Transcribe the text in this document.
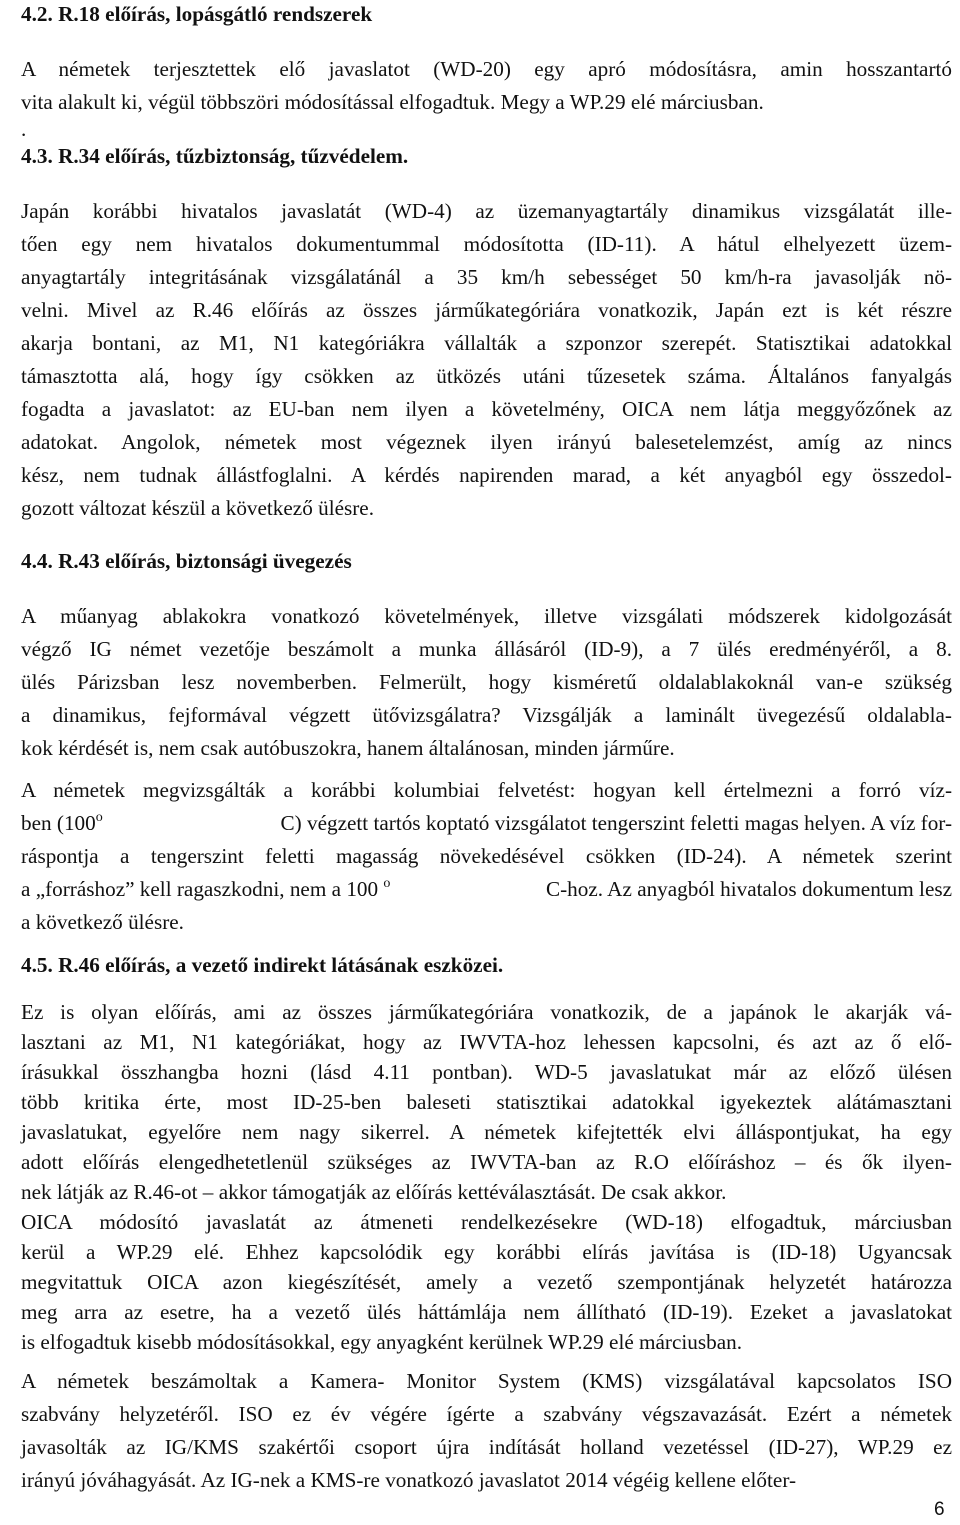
4.2. R.18 előírás, lopásgátló rendszerek
A németek terjesztettek elő javaslatot (WD-20) egy apró módosításra, amin hosszantartó
vita alakult ki, végül többszöri módosítással elfogadtuk. Megy a WP.29 elé márciusban.
.
4.3. R.34 előírás, tűzbiztonság, tűzvédelem.
Japán korábbi hivatalos javaslatát (WD-4) az üzemanyagtartály dinamikus vizsgálatát ille-
tően egy nem hivatalos dokumentummal módosította (ID-11). A hátul elhelyezett üzem-
anyagtartály integritásának vizsgálatánál a 35 km/h sebességet 50 km/h-ra javasolják nö-
velni. Mivel az R.46 előírás az összes járműkategóriára vonatkozik, Japán ezt is két részre
akarja bontani, az M1, N1 kategóriákra vállalták a szponzor szerepét. Statisztikai adatokkal
támasztotta alá, hogy így csökken az ütközés utáni tűzesetek száma. Általános fanyalgás
fogadta a javaslatot: az EU-ban nem ilyen a követelmény, OICA nem látja meggyőzőnek az
adatokat. Angolok, németek most végeznek ilyen irányú balesetelemzést, amíg az nincs
kész, nem tudnak állástfoglalni. A kérdés napirenden marad, a két anyagból egy összedol-
gozott változat készül a következő ülésre.
4.4. R.43 előírás, biztonsági üvegezés
A műanyag ablakokra vonatkozó követelmények, illetve vizsgálati módszerek kidolgozását
végző IG német vezetője beszámolt a munka állásáról (ID-9), a 7 ülés eredményéről, a 8.
ülés Párizsban lesz novemberben. Felmerült, hogy kisméretű oldalablakoknál van-e szükség
a dinamikus, fejformával végzett ütővizsgálatra? Vizsgálják a laminált üvegezésű oldalabla-
kok kérdését is, nem csak autóbuszokra, hanem általánosan, minden járműre.
A németek megvizsgálták a korábbi kolumbiai felvetést: hogyan kell értelmezni a forró víz-
ben (100$^o$	C) végzett tartós koptató vizsgálatot tengerszint feletti magas helyen. A víz for-
ráspontja a tengerszint feletti magasság növekedésével csökken (ID-24). A németek szerint
a „forráshoz” kell ragaszkodni, nem a 100 $^o$	C-hoz. Az anyagból hivatalos dokumentum lesz
a következő ülésre.
4.5. R.46 előírás, a vezető indirekt látásának eszközei.
Ez is olyan előírás, ami az összes járműkategóriára vonatkozik, de a japánok le akarják vá-
lasztani az M1, N1 kategóriákat, hogy az IWVTA-hoz lehessen kapcsolni, és azt az ő elő-
írásukkal összhangba hozni (lásd 4.11 pontban). WD-5 javaslatukat már az előző ülésen
több kritika érte, most ID-25-ben baleseti statisztikai adatokkal igyekeztek alátámasztani
javaslatukat, egyelőre nem nagy sikerrel. A németek kifejtették elvi álláspontjukat, ha egy
adott előírás elengedhetetlenül szükséges az IWVTA-ban az R.O előíráshoz – és ők ilyen-
nek látják az R.46-ot – akkor támogatják az előírás kettéválasztását. De csak akkor.
OICA módosító javaslatát az átmeneti rendelkezésekre (WD-18) elfogadtuk, márciusban
kerül a WP.29 elé. Ehhez kapcsolódik egy korábbi elírás javítása is (ID-18) Ugyancsak
megvitattuk OICA azon kiegészítését, amely a vezető szempontjának helyzetét határozza
meg arra az esetre, ha a vezető ülés háttámlája nem állítható (ID-19). Ezeket a javaslatokat
is elfogadtuk kisebb módosításokkal, egy anyagként kerülnek WP.29 elé márciusban.
6
A németek beszámoltak a Kamera- Monitor System (KMS) vizsgálatával kapcsolatos ISO
szabvány helyzetéről. ISO ez év végére ígérte a szabvány végszavazását. Ezért a németek
javasolták az IG/KMS szakértői csoport újra indítását holland vezetéssel (ID-27), WP.29 ez
irányú jóváhagyását. Az IG-nek a KMS-re vonatkozó javaslatot 2014 végéig kellene előter-
